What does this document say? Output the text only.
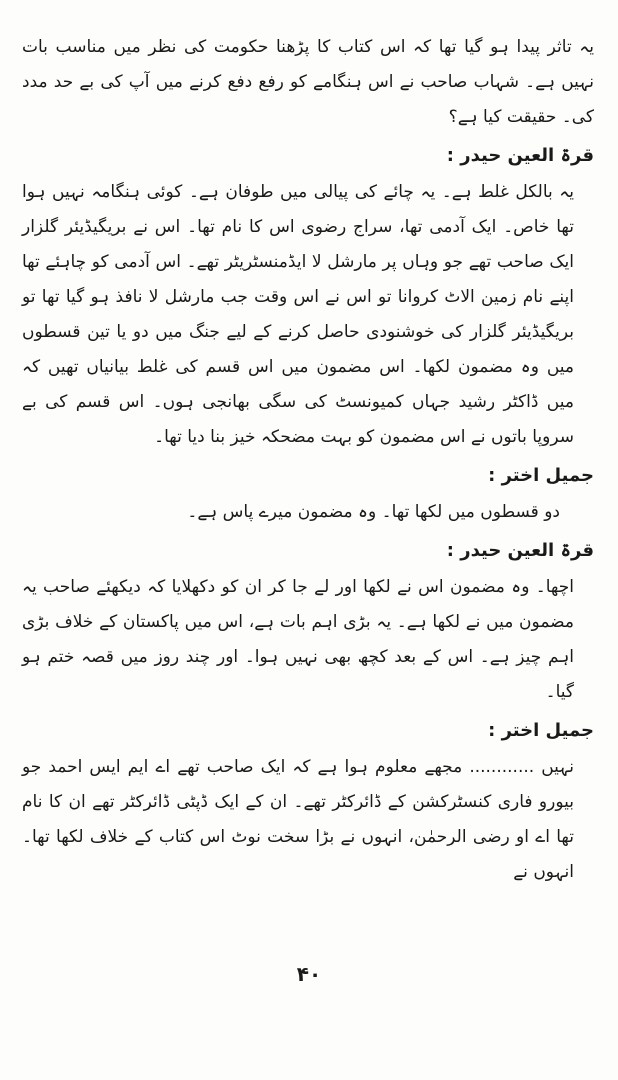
یہ تاثر پیدا ہو گیا تھا کہ اس کتاب کا پڑھنا حکومت کی نظر میں مناسب بات نہیں ہے۔ شہاب صاحب نے اس ہنگامے کو رفع دفع کرنے میں آپ کی بے حد مدد کی۔ حقیقت کیا ہے؟

قرۃ العین حیدر :

یہ بالکل غلط ہے۔ یہ چائے کی پیالی میں طوفان ہے۔ کوئی ہنگامہ نہیں ہوا تھا خاص۔ ایک آدمی تھا، سراج رضوی اس کا نام تھا۔ اس نے بریگیڈیئر گلزار ایک صاحب تھے جو وہاں پر مارشل لا ایڈمنسٹریٹر تھے۔ اس آدمی کو چاہئے تھا اپنے نام زمین الاٹ کروانا تو اس نے اس وقت جب مارشل لا نافذ ہو گیا تھا تو بریگیڈیئر گلزار کی خوشنودی حاصل کرنے کے لیے جنگ میں دو یا تین قسطوں میں وہ مضمون لکھا۔ اس مضمون میں اس قسم کی غلط بیانیاں تھیں کہ میں ڈاکٹر رشید جہاں کمیونسٹ کی سگی بھانجی ہوں۔ اس قسم کی بے سروپا باتوں نے اس مضمون کو بہت مضحکہ خیز بنا دیا تھا۔

جمیل اختر :

دو قسطوں میں لکھا تھا۔ وہ مضمون میرے پاس ہے۔

قرۃ العین حیدر :

اچھا۔ وہ مضمون اس نے لکھا اور لے جا کر ان کو دکھلایا کہ دیکھئے صاحب یہ مضمون میں نے لکھا ہے۔ یہ بڑی اہم بات ہے، اس میں پاکستان کے خلاف بڑی اہم چیز ہے۔ اس کے بعد کچھ بھی نہیں ہوا۔ اور چند روز میں قصہ ختم ہو گیا۔

جمیل اختر :

نہیں ............ مجھے معلوم ہوا ہے کہ ایک صاحب تھے اے ایم ایس احمد جو بیورو فاری کنسٹرکشن کے ڈائرکٹر تھے۔ ان کے ایک ڈپٹی ڈائرکٹر تھے ان کا نام تھا اے او رضی الرحمٰن، انہوں نے بڑا سخت نوٹ اس کتاب کے خلاف لکھا تھا۔ انہوں نے

۴۰
